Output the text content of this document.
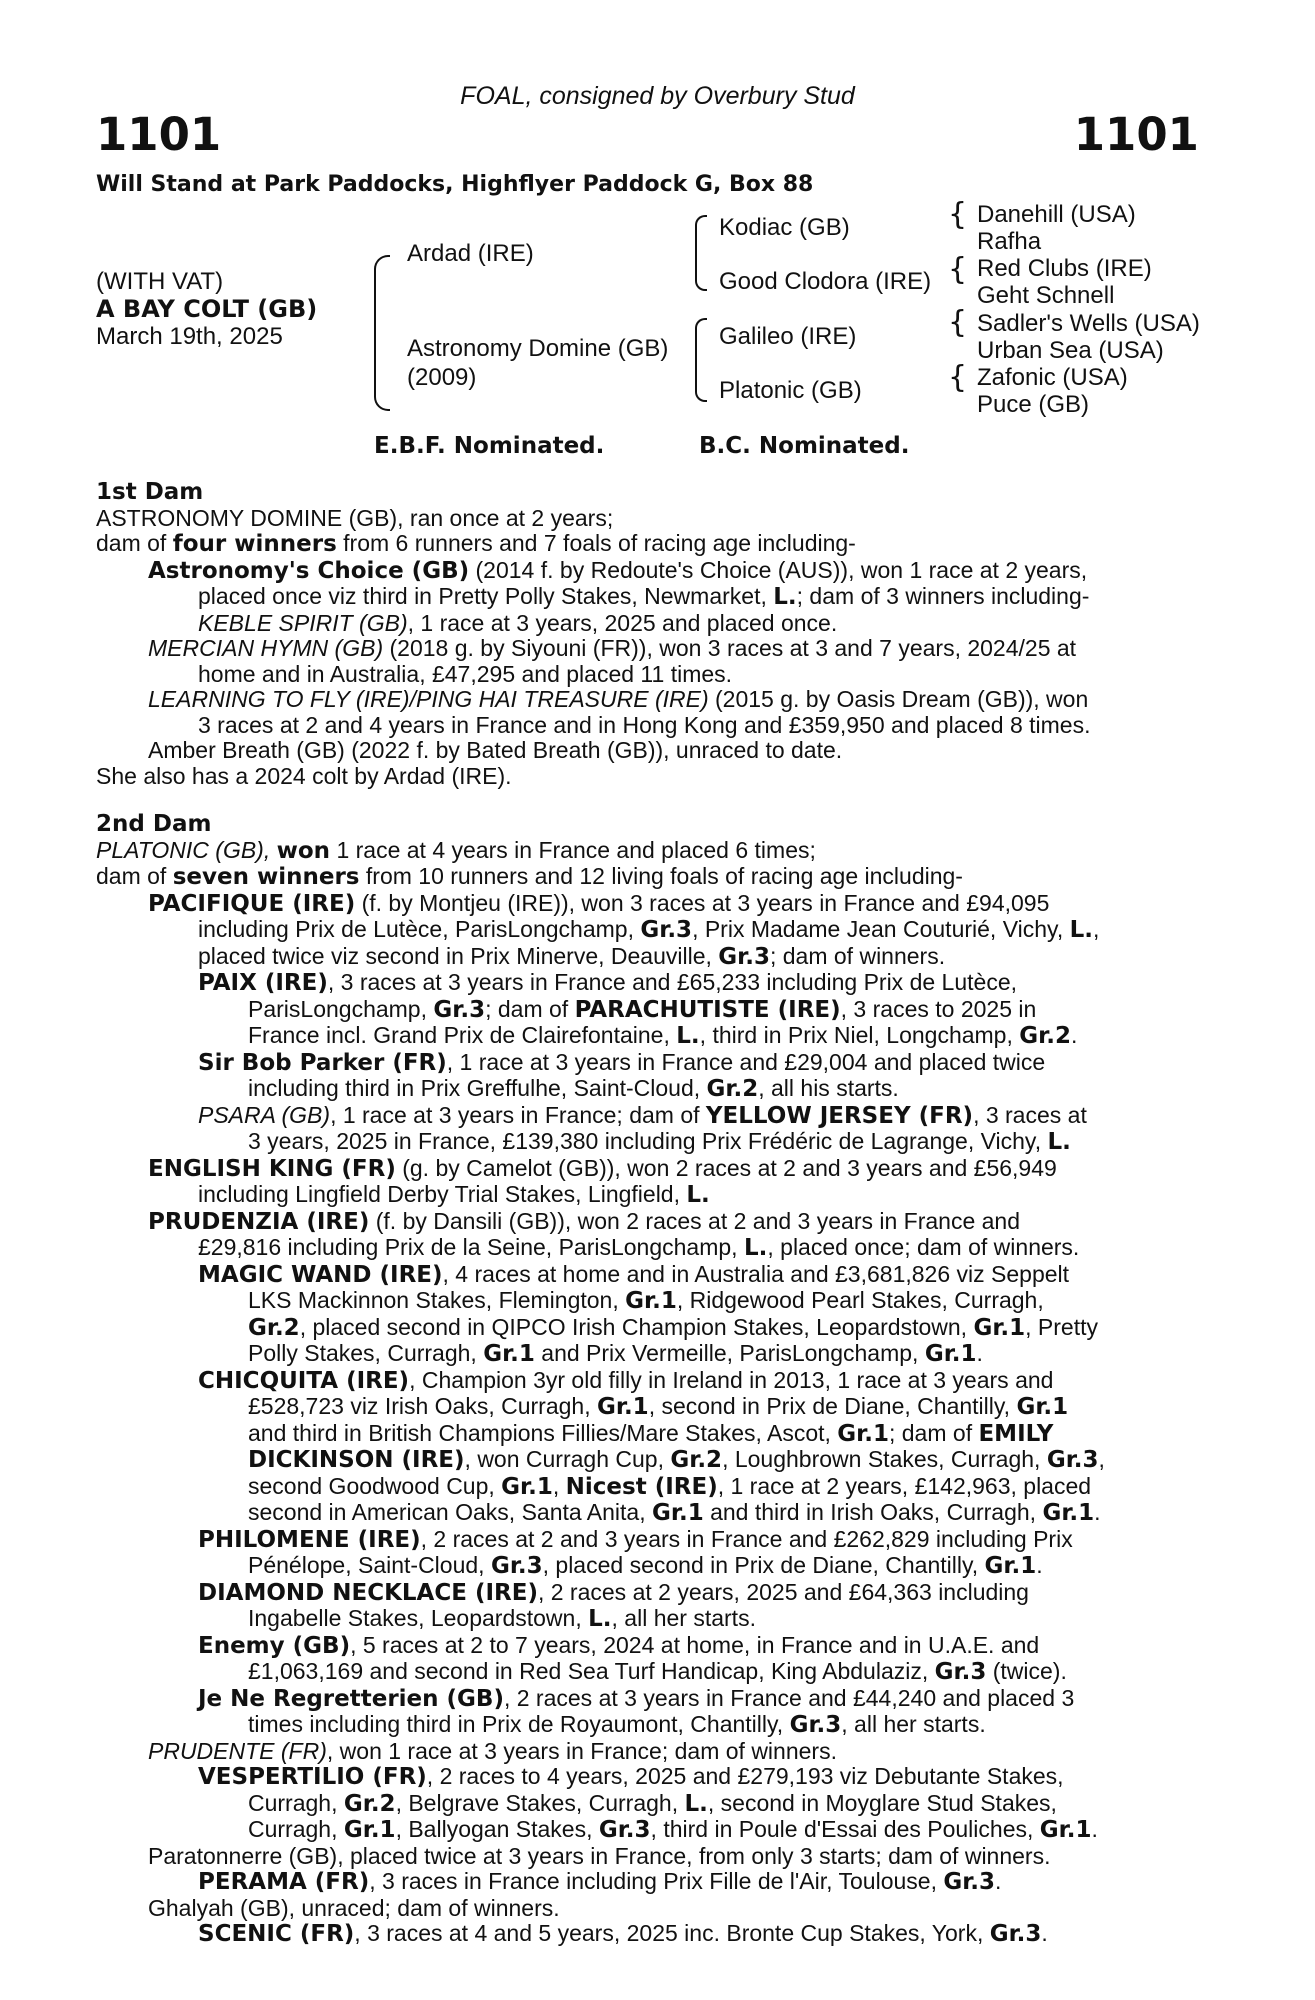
FOAL, consigned by Overbury Stud
1101	1101
Will Stand at Park Paddocks, Highflyer Paddock G, Box 88
(WITH VAT)
A BAY COLT (GB)
March 19th, 2025
Ardad (IRE)
Astronomy Domine (GB)
(2009)
Kodiac (GB)
Good Clodora (IRE)
Galileo (IRE)
Platonic (GB)
{
{
{
{
Danehill (USA)
Rafha
Red Clubs (IRE)
Geht Schnell
Sadler's Wells (USA)
Urban Sea (USA)
Zafonic (USA)
Puce (GB)
E.B.F. Nominated.	B.C. Nominated.
1st Dam
ASTRONOMY DOMINE (GB), ran once at 2 years;
dam of four winners from 6 runners and 7 foals of racing age including-
Astronomy's Choice (GB) (2014 f. by Redoute's Choice (AUS)), won 1 race at 2 years,
placed once viz third in Pretty Polly Stakes, Newmarket, L.; dam of 3 winners including-
KEBLE SPIRIT (GB), 1 race at 3 years, 2025 and placed once.
MERCIAN HYMN (GB) (2018 g. by Siyouni (FR)), won 3 races at 3 and 7 years, 2024/25 at
home and in Australia, £47,295 and placed 11 times.
LEARNING TO FLY (IRE)/PING HAI TREASURE (IRE) (2015 g. by Oasis Dream (GB)), won
3 races at 2 and 4 years in France and in Hong Kong and £359,950 and placed 8 times.
Amber Breath (GB) (2022 f. by Bated Breath (GB)), unraced to date.
She also has a 2024 colt by Ardad (IRE).
2nd Dam
PLATONIC (GB), won 1 race at 4 years in France and placed 6 times;
dam of seven winners from 10 runners and 12 living foals of racing age including-
PACIFIQUE (IRE) (f. by Montjeu (IRE)), won 3 races at 3 years in France and £94,095
including Prix de Lutèce, ParisLongchamp, Gr.3, Prix Madame Jean Couturié, Vichy, L.,
placed twice viz second in Prix Minerve, Deauville, Gr.3; dam of winners.
PAIX (IRE), 3 races at 3 years in France and £65,233 including Prix de Lutèce,
ParisLongchamp, Gr.3; dam of PARACHUTISTE (IRE), 3 races to 2025 in
France incl. Grand Prix de Clairefontaine, L., third in Prix Niel, Longchamp, Gr.2.
Sir Bob Parker (FR), 1 race at 3 years in France and £29,004 and placed twice
including third in Prix Greffulhe, Saint-Cloud, Gr.2, all his starts.
PSARA (GB), 1 race at 3 years in France; dam of YELLOW JERSEY (FR), 3 races at
3 years, 2025 in France, £139,380 including Prix Frédéric de Lagrange, Vichy, L.
ENGLISH KING (FR) (g. by Camelot (GB)), won 2 races at 2 and 3 years and £56,949
including Lingfield Derby Trial Stakes, Lingfield, L.
PRUDENZIA (IRE) (f. by Dansili (GB)), won 2 races at 2 and 3 years in France and
£29,816 including Prix de la Seine, ParisLongchamp, L., placed once; dam of winners.
MAGIC WAND (IRE), 4 races at home and in Australia and £3,681,826 viz Seppelt
LKS Mackinnon Stakes, Flemington, Gr.1, Ridgewood Pearl Stakes, Curragh,
Gr.2, placed second in QIPCO Irish Champion Stakes, Leopardstown, Gr.1, Pretty
Polly Stakes, Curragh, Gr.1 and Prix Vermeille, ParisLongchamp, Gr.1.
CHICQUITA (IRE), Champion 3yr old filly in Ireland in 2013, 1 race at 3 years and
£528,723 viz Irish Oaks, Curragh, Gr.1, second in Prix de Diane, Chantilly, Gr.1
and third in British Champions Fillies/Mare Stakes, Ascot, Gr.1; dam of EMILY
DICKINSON (IRE), won Curragh Cup, Gr.2, Loughbrown Stakes, Curragh, Gr.3,
second Goodwood Cup, Gr.1, Nicest (IRE), 1 race at 2 years, £142,963, placed
second in American Oaks, Santa Anita, Gr.1 and third in Irish Oaks, Curragh, Gr.1.
PHILOMENE (IRE), 2 races at 2 and 3 years in France and £262,829 including Prix
Pénélope, Saint-Cloud, Gr.3, placed second in Prix de Diane, Chantilly, Gr.1.
DIAMOND NECKLACE (IRE), 2 races at 2 years, 2025 and £64,363 including
Ingabelle Stakes, Leopardstown, L., all her starts.
Enemy (GB), 5 races at 2 to 7 years, 2024 at home, in France and in U.A.E. and
£1,063,169 and second in Red Sea Turf Handicap, King Abdulaziz, Gr.3 (twice).
Je Ne Regretterien (GB), 2 races at 3 years in France and £44,240 and placed 3
times including third in Prix de Royaumont, Chantilly, Gr.3, all her starts.
PRUDENTE (FR), won 1 race at 3 years in France; dam of winners.
VESPERTILIO (FR), 2 races to 4 years, 2025 and £279,193 viz Debutante Stakes,
Curragh, Gr.2, Belgrave Stakes, Curragh, L., second in Moyglare Stud Stakes,
Curragh, Gr.1, Ballyogan Stakes, Gr.3, third in Poule d'Essai des Pouliches, Gr.1.
Paratonnerre (GB), placed twice at 3 years in France, from only 3 starts; dam of winners.
PERAMA (FR), 3 races in France including Prix Fille de l'Air, Toulouse, Gr.3.
Ghalyah (GB), unraced; dam of winners.
SCENIC (FR), 3 races at 4 and 5 years, 2025 inc. Bronte Cup Stakes, York, Gr.3.
